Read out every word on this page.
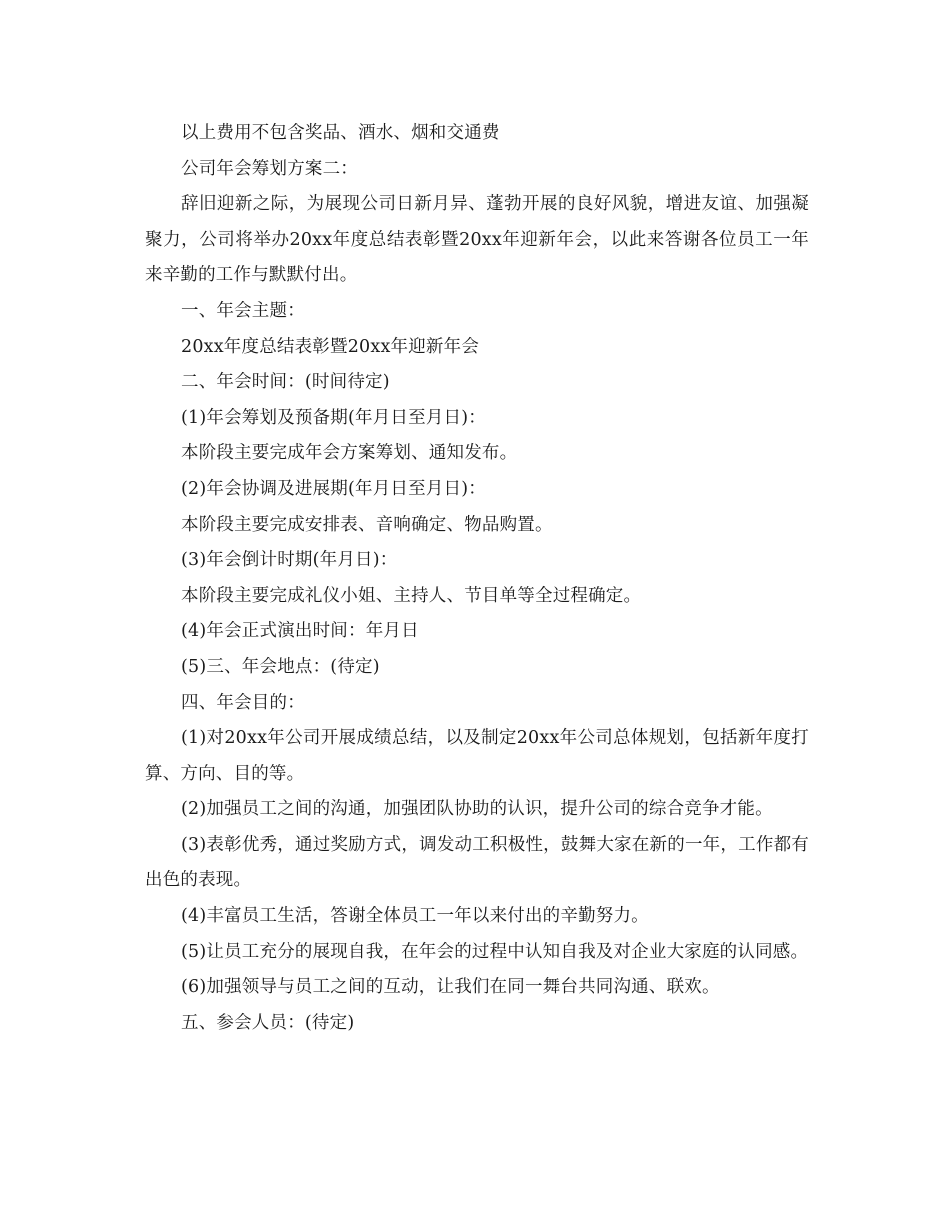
以上费用不包含奖品、酒水、烟和交通费

公司年会筹划方案二：

辞旧迎新之际，为展现公司日新月异、蓬勃开展的良好风貌，增进友谊、加强凝聚力，公司将举办20xx年度总结表彰暨20xx年迎新年会，以此来答谢各位员工一年来辛勤的工作与默默付出。

一、年会主题：

20xx年度总结表彰暨20xx年迎新年会

二、年会时间：(时间待定)

(1)年会筹划及预备期(年月日至月日)：

本阶段主要完成年会方案筹划、通知发布。

(2)年会协调及进展期(年月日至月日)：

本阶段主要完成安排表、音响确定、物品购置。

(3)年会倒计时期(年月日)：

本阶段主要完成礼仪小姐、主持人、节目单等全过程确定。

(4)年会正式演出时间：年月日

(5)三、年会地点：(待定)

四、年会目的：

(1)对20xx年公司开展成绩总结，以及制定20xx年公司总体规划，包括新年度打算、方向、目的等。

(2)加强员工之间的沟通，加强团队协助的认识，提升公司的综合竞争才能。

(3)表彰优秀，通过奖励方式，调发动工积极性，鼓舞大家在新的一年，工作都有出色的表现。

(4)丰富员工生活，答谢全体员工一年以来付出的辛勤努力。

(5)让员工充分的展现自我，在年会的过程中认知自我及对企业大家庭的认同感。

(6)加强领导与员工之间的互动，让我们在同一舞台共同沟通、联欢。

五、参会人员：(待定)
